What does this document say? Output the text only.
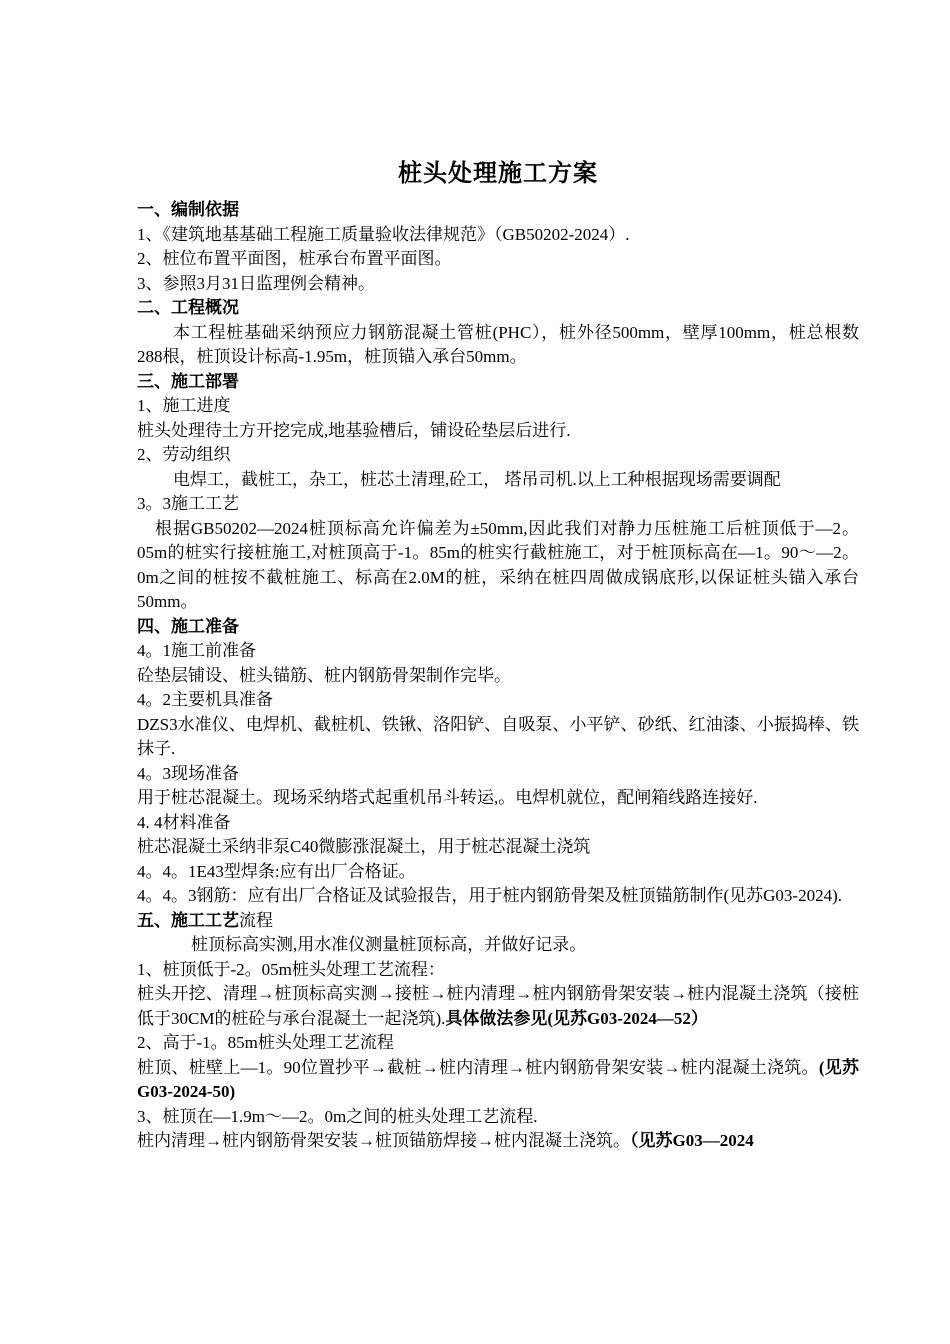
桩头处理施工方案

一、编制依据

1、《建筑地基基础工程施工质量验收法律规范》（GB50202-2024）.

2、桩位布置平面图，桩承台布置平面图。

3、参照3月31日监理例会精神。

二、工程概况

本工程桩基础采纳预应力钢筋混凝土管桩(PHC），桩外径500mm，壁厚100mm，桩总根数288根，桩顶设计标高-1.95m，桩顶锚入承台50mm。

三、施工部署

1、施工进度

桩头处理待土方开挖完成,地基验槽后，铺设砼垫层后进行.

2、劳动组织

电焊工，截桩工，杂工，桩芯土清理,砼工， 塔吊司机.以上工种根据现场需要调配

3。3施工工艺

根据GB50202—2024桩顶标高允许偏差为±50mm,因此我们对静力压桩施工后桩顶低于—2。05m的桩实行接桩施工,对桩顶高于-1。85m的桩实行截桩施工，对于桩顶标高在—1。90～—2。0m之间的桩按不截桩施工、标高在2.0M的桩，采纳在桩四周做成锅底形,以保证桩头锚入承台50mm。

四、施工准备

4。1施工前准备

砼垫层铺设、桩头锚筋、桩内钢筋骨架制作完毕。

4。2主要机具准备

DZS3水准仪、电焊机、截桩机、铁锹、洛阳铲、自吸泵、小平铲、砂纸、红油漆、小振捣棒、铁抹子.

4。3现场准备

用于桩芯混凝土。现场采纳塔式起重机吊斗转运,。电焊机就位，配闸箱线路连接好.

4. 4材料准备

桩芯混凝土采纳非泵C40微膨涨混凝土，用于桩芯混凝土浇筑

4。4。1E43型焊条:应有出厂合格证。

4。4。3钢筋：应有出厂合格证及试验报告，用于桩内钢筋骨架及桩顶锚筋制作(见苏G03-2024).

五、施工工艺流程

桩顶标高实测,用水准仪测量桩顶标高，并做好记录。

1、桩顶低于-2。05m桩头处理工艺流程：

桩头开挖、清理→桩顶标高实测→接桩→桩内清理→桩内钢筋骨架安装→桩内混凝土浇筑（接桩低于30CM的桩砼与承台混凝土一起浇筑).具体做法参见(见苏G03-2024—52）

2、高于-1。85m桩头处理工艺流程

桩顶、桩壁上—1。90位置抄平→截桩→桩内清理→桩内钢筋骨架安装→桩内混凝土浇筑。(见苏G03-2024-50)

3、桩顶在—1.9m～—2。0m之间的桩头处理工艺流程.

桩内清理→桩内钢筋骨架安装→桩顶锚筋焊接→桩内混凝土浇筑。（见苏G03—2024
